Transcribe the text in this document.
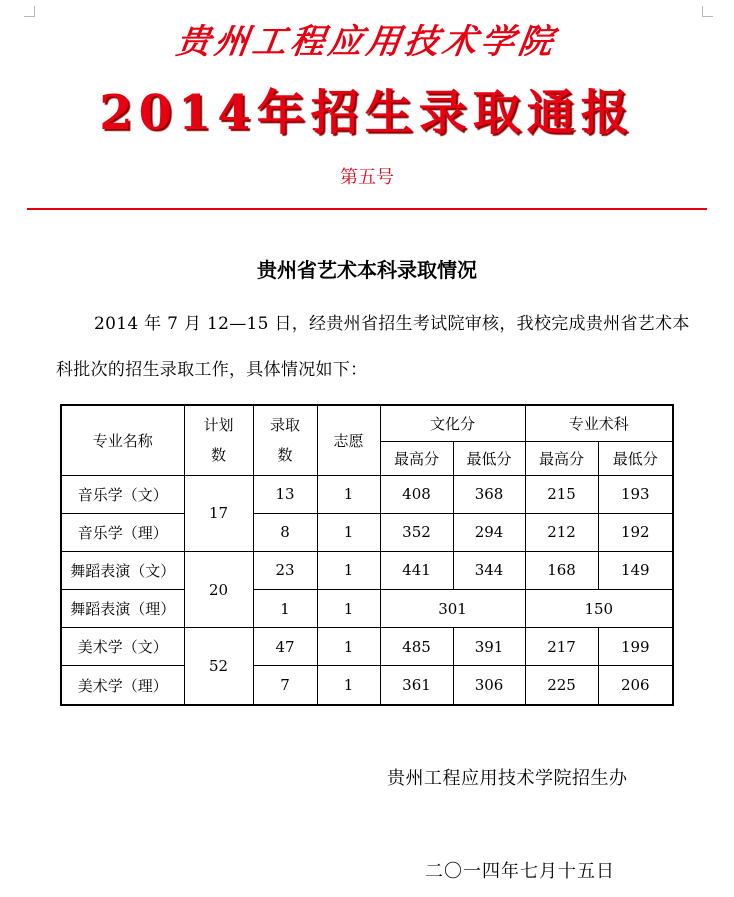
贵州工程应用技术学院
2014年招生录取通报
第五号
贵州省艺术本科录取情况
2014 年 7 月 12—15 日，经贵州省招生考试院审核，我校完成贵州省艺术本科批次的招生录取工作，具体情况如下：
专业名称	计划数	录取数	志愿	文化分		专业术科	
				最高分	最低分	最高分	最低分
音乐学（文）	17	13	1	408	368	215	193
音乐学（理）		8	1	352	294	212	192
舞蹈表演（文）	20	23	1	441	344	168	149
舞蹈表演（理）		1	1	301		150	
美术学（文）	52	47	1	485	391	217	199
美术学（理）		7	1	361	306	225	206
贵州工程应用技术学院招生办
二〇一四年七月十五日
